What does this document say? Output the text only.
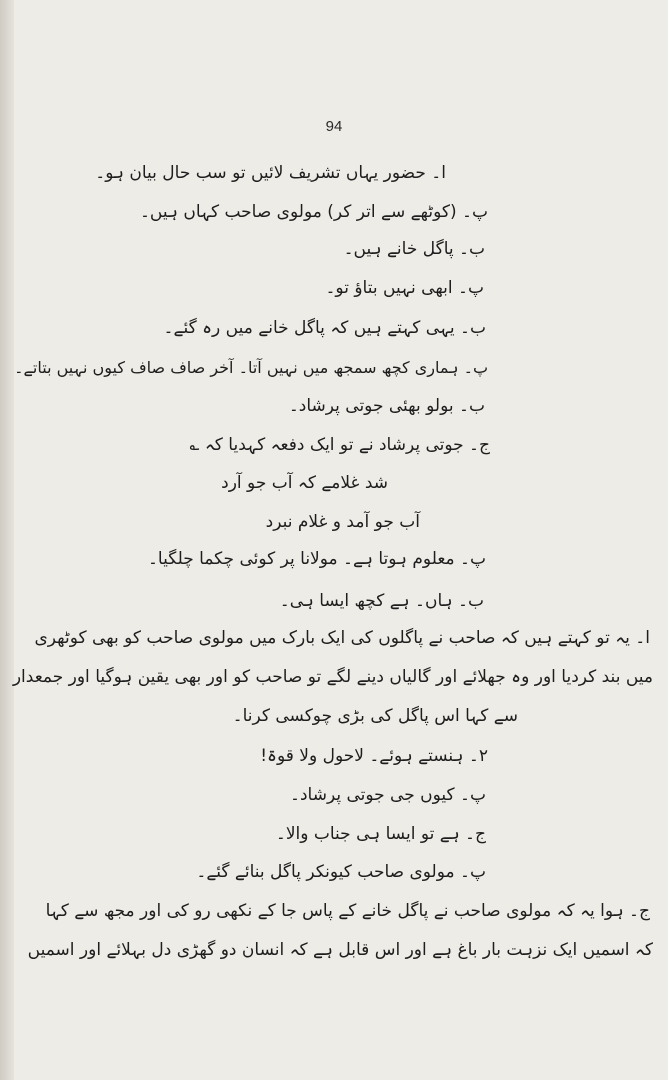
94
ا۔ حضور یہاں تشریف لائیں تو سب حال بیان ہو۔
پ۔ (کوٹھے سے اتر کر) مولوی صاحب کہاں ہیں۔
ب۔ پاگل خانے ہیں۔
پ۔ ابھی نہیں بتاؤ تو۔
ب۔ یہی کہتے ہیں کہ پاگل خانے میں رہ گئے۔
پ۔ ہماری کچھ سمجھ میں نہیں آتا۔ آخر صاف صاف کیوں نہیں بتاتے۔
ب۔ بولو بھئی جوتی پرشاد۔
ج۔ جوتی پرشاد نے تو ایک دفعہ کہدیا کہ ؎
شد غلامے کہ آب جو آرد
آب جو آمد و غلام نبرد
پ۔ معلوم ہوتا ہے۔ مولانا پر کوئی چکما چلگیا۔
ب۔ ہاں۔ ہے کچھ ایسا ہی۔
ا۔ یہ تو کہتے ہیں کہ صاحب نے پاگلوں کی ایک بارک میں مولوی صاحب کو بھی کوٹھری
میں بند کردیا اور وہ جھلائے اور گالیاں دینے لگے تو صاحب کو اور بھی یقین ہوگیا اور جمعدار
سے کہا اس پاگل کی بڑی چوکسی کرنا۔
۲۔ ہنستے ہوئے۔ لاحول ولا قوۃ!
پ۔ کیوں جی جوتی پرشاد۔
ج۔ ہے تو ایسا ہی جناب والا۔
پ۔ مولوی صاحب کیونکر پاگل بنائے گئے۔
ج۔ ہوا یہ کہ مولوی صاحب نے پاگل خانے کے پاس جا کے نکھی رو کی اور مجھ سے کہا
کہ اسمیں ایک نزہت بار باغ ہے اور اس قابل ہے کہ انسان دو گھڑی دل بہلائے اور اسمیں
